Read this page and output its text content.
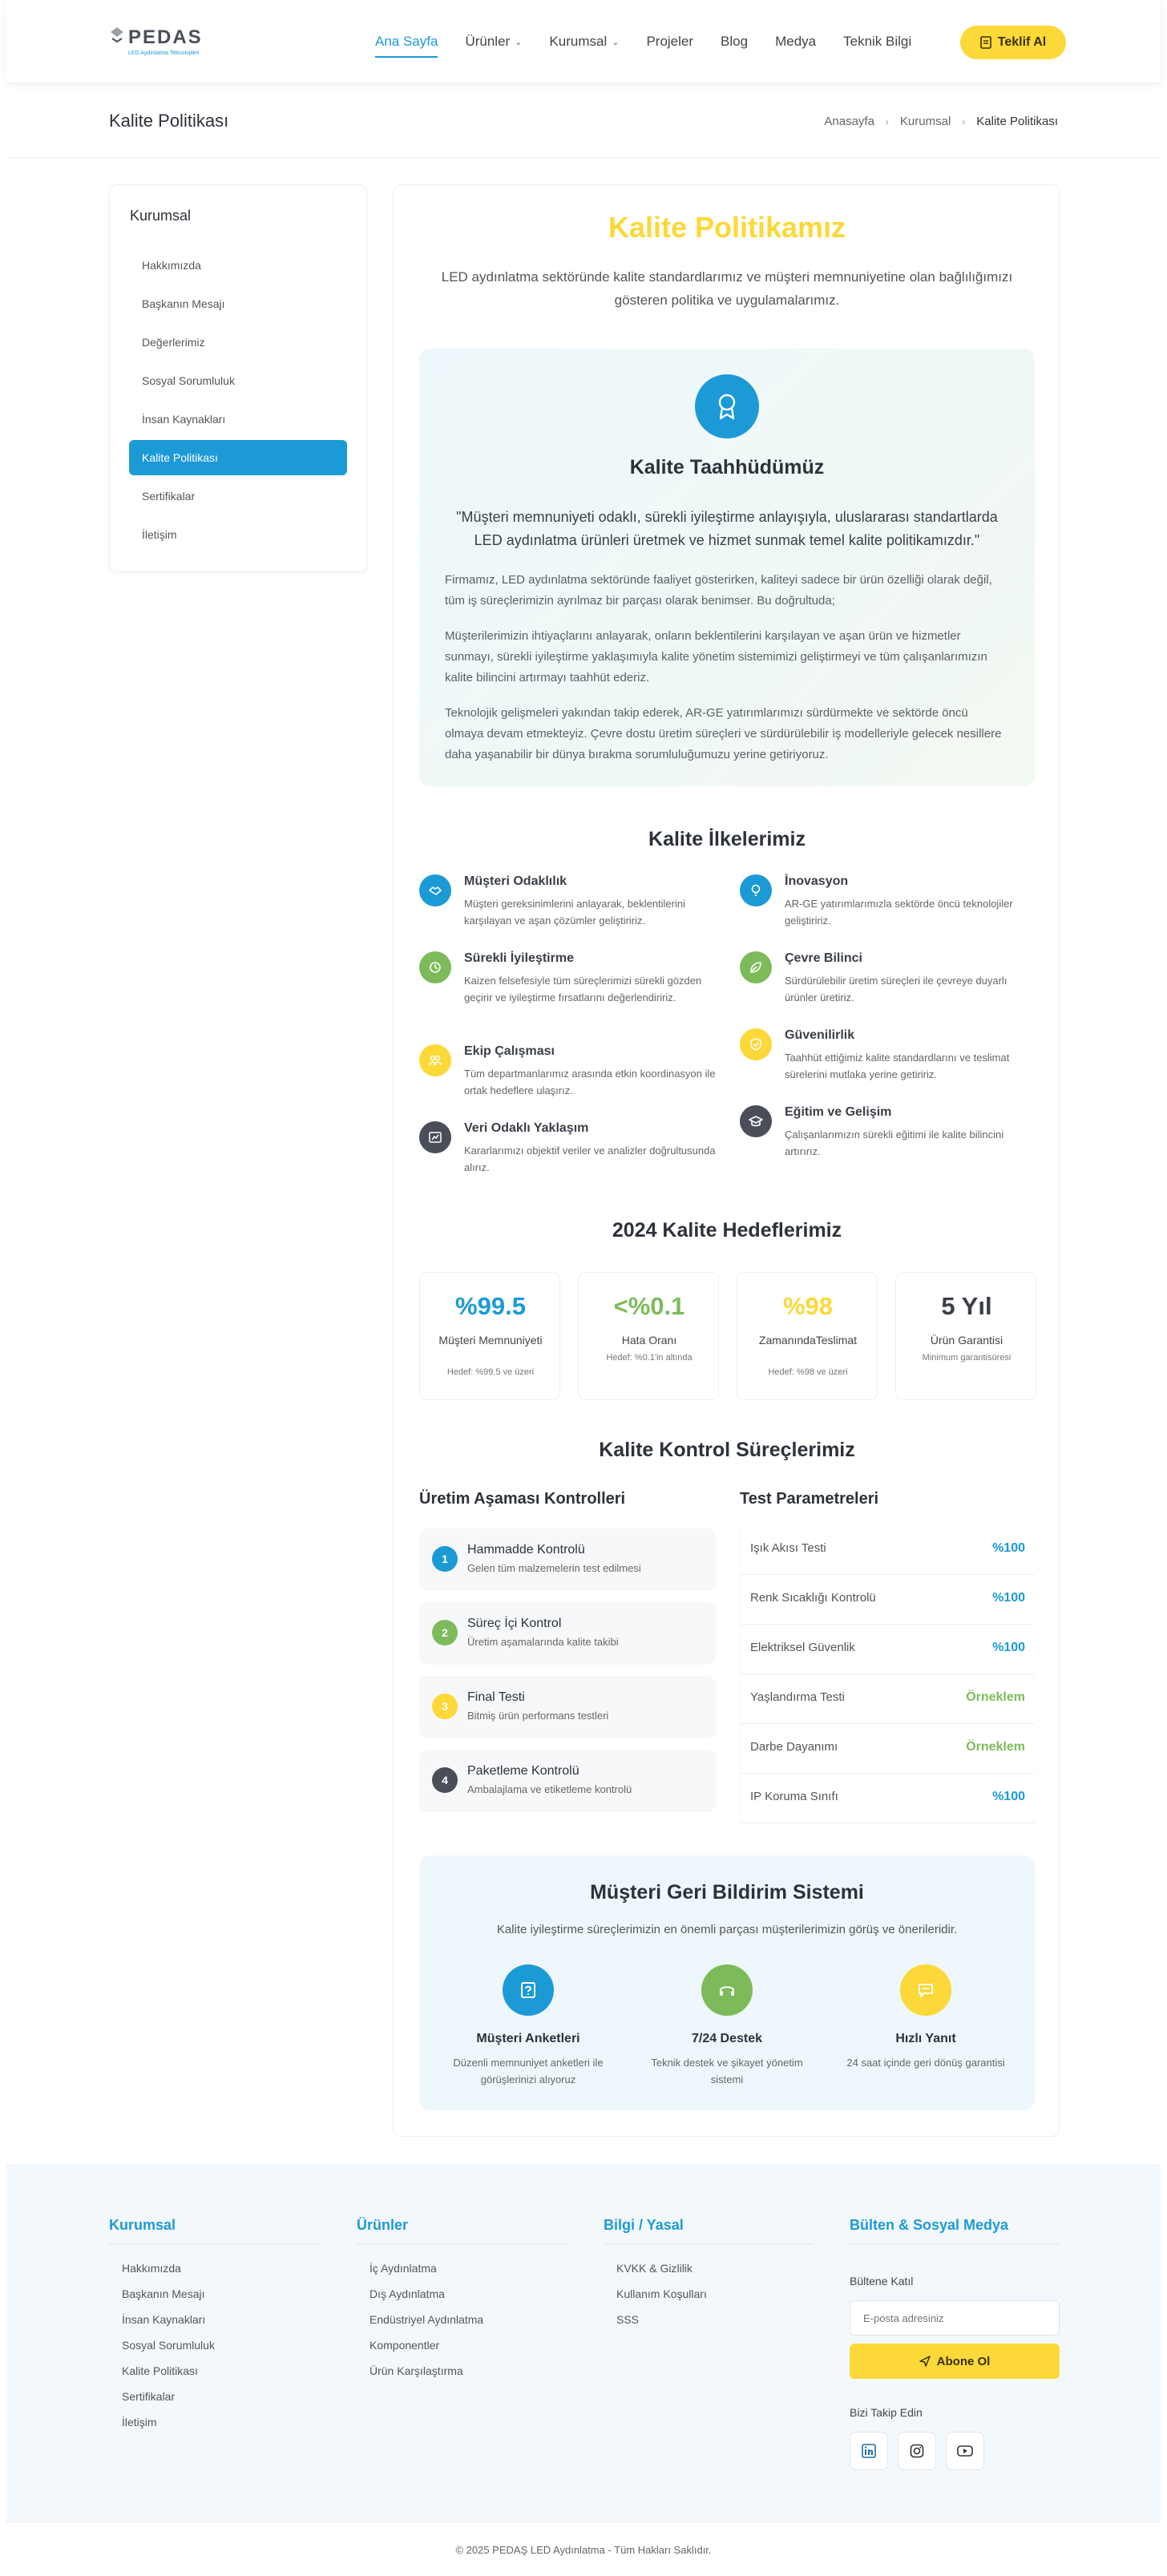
PEDAS
LED Aydınlatma Teknolojileri
Ana Sayfa Ürünler ⌄ Kurumsal ⌄ Projeler Blog Medya Teknik Bilgi	Teklif Al
Kalite Politikası	Anasayfa › Kurumsal › Kalite Politikası
Kurumsal
Hakkımızda
Başkanın Mesajı
Değerlerimiz
Sosyal Sorumluluk
İnsan Kaynakları
Kalite Politikası
Sertifikalar
İletişim
Kalite Politikamız

LED aydınlatma sektöründe kalite standardlarımız ve müşteri memnuniyetine olan bağlılığımızı gösteren politika ve uygulamalarımız.

Kalite Taahhüdümüz

"Müşteri memnuniyeti odaklı, sürekli iyileştirme anlayışıyla, uluslararası standartlarda LED aydınlatma ürünleri üretmek ve hizmet sunmak temel kalite politikamızdır."

Firmamız, LED aydınlatma sektöründe faaliyet gösterirken, kaliteyi sadece bir ürün özelliği olarak değil, tüm iş süreçlerimizin ayrılmaz bir parçası olarak benimser. Bu doğrultuda;

Müşterilerimizin ihtiyaçlarını anlayarak, onların beklentilerini karşılayan ve aşan ürün ve hizmetler sunmayı, sürekli iyileştirme yaklaşımıyla kalite yönetim sistemimizi geliştirmeyi ve tüm çalışanlarımızın kalite bilincini artırmayı taahhüt ederiz.

Teknolojik gelişmeleri yakından takip ederek, AR-GE yatırımlarımızı sürdürmekte ve sektörde öncü olmaya devam etmekteyiz. Çevre dostu üretim süreçleri ve sürdürülebilir iş modelleriyle gelecek nesillere daha yaşanabilir bir dünya bırakma sorumluluğumuzu yerine getiriyoruz.

Kalite İlkelerimiz
2024 Kalite Hedeflerimiz
Kalite Kontrol Süreçlerimiz
Üretim Aşaması Kontrolleri	Test Parametreleri
Müşteri Geri Bildirim Sistemi

Kalite iyileştirme süreçlerimizin en önemli parçası müşterilerimizin görüş ve önerileridir.

Müşteri Anketleri
Düzenli memnuniyet anketleri ile görüşlerinizi alıyoruz
7/24 Destek
Teknik destek ve şikayet yönetim sistemi
Hızlı Yanıt
24 saat içinde geri dönüş garantisi
Müşteri Odaklılık
Müşteri gereksinimlerini anlayarak, beklentilerini karşılayan ve aşan çözümler geliştiririz.
Sürekli İyileştirme
Kaizen felsefesiyle tüm süreçlerimizi sürekli gözden geçirir ve iyileştirme fırsatlarını değerlendiririz.
Ekip Çalışması
Tüm departmanlarımız arasında etkin koordinasyon ile ortak hedeflere ulaşırız.
Veri Odaklı Yaklaşım
Kararlarımızı objektif veriler ve analizler doğrultusunda alırız.
İnovasyon
AR-GE yatırımlarımızla sektörde öncü teknolojiler geliştiririz.
Çevre Bilinci
Sürdürülebilir üretim süreçleri ile çevreye duyarlı ürünler üretiriz.
Güvenilirlik
Taahhüt ettiğimiz kalite standardlarını ve teslimat sürelerini mutlaka yerine getiririz.
Eğitim ve Gelişim
Çalışanlarımızın sürekli eğitimi ile kalite bilincini artırırız.
%99.5
Müşteri Memnuniyeti
Hedef: %99.5 ve üzeri
<%0.1
Hata Oranı
Hedef: %0.1'in altında
%98
ZamanındaTeslimat
Hedef: %98 ve üzeri
5 Yıl
Ürün Garantisi
Minimum garantisüresi
1
Hammadde Kontrolü
Gelen tüm malzemelerin test edilmesi
2
Süreç İçi Kontrol
Üretim aşamalarında kalite takibi
3
Final Testi
Bitmiş ürün performans testleri
4
Paketleme Kontrolü
Ambalajlama ve etiketleme kontrolü
Işık Akısı Testi	%100
Renk Sıcaklığı Kontrolü	%100
Elektriksel Güvenlik	%100
Yaşlandırma Testi	Örneklem
Darbe Dayanımı	Örneklem
IP Koruma Sınıfı	%100
Kurumsal
Hakkımızda
Başkanın Mesajı
İnsan Kaynakları
Sosyal Sorumluluk
Kalite Politikası
Sertifikalar
İletişim
Ürünler
İç Aydınlatma
Dış Aydınlatma
Endüstriyel Aydınlatma
Komponentler
Ürün Karşılaştırma
Bilgi / Yasal
KVKK & Gizlilik
Kullanım Koşulları
SSS
Bülten & Sosyal Medya
Bültene Katıl
E-posta adresiniz
Abone Ol
Bizi Takip Edin
© 2025 PEDAŞ LED Aydınlatma - Tüm Hakları Saklıdır.
